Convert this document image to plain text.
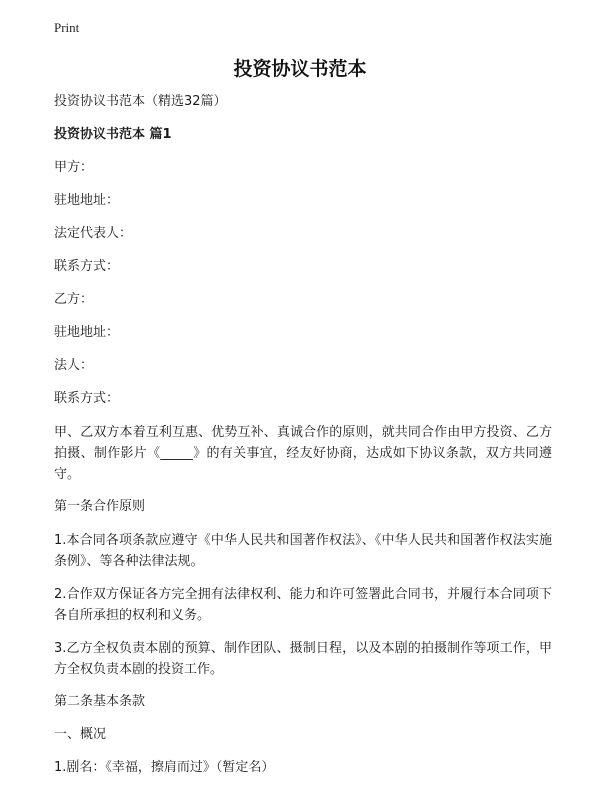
Print
投资协议书范本
投资协议书范本（精选32篇）
投资协议书范本 篇1
甲方：
驻地地址：
法定代表人：
联系方式：
乙方：
驻地地址：
法人：
联系方式：
甲、乙双方本着互利互惠、优势互补、真诚合作的原则，就共同合作由甲方投资、乙方拍摄、制作影片《_____》的有关事宜，经友好协商，达成如下协议条款，双方共同遵守。
第一条合作原则
1.本合同各项条款应遵守《中华人民共和国著作权法》、《中华人民共和国著作权法实施条例》、等各种法律法规。
2.合作双方保证各方完全拥有法律权利、能力和许可签署此合同书，并履行本合同项下各自所承担的权利和义务。
3.乙方全权负责本剧的预算、制作团队、摄制日程，以及本剧的拍摄制作等项工作，甲方全权负责本剧的投资工作。
第二条基本条款
一、概况
1.剧名：《幸福，擦肩而过》（暂定名）
